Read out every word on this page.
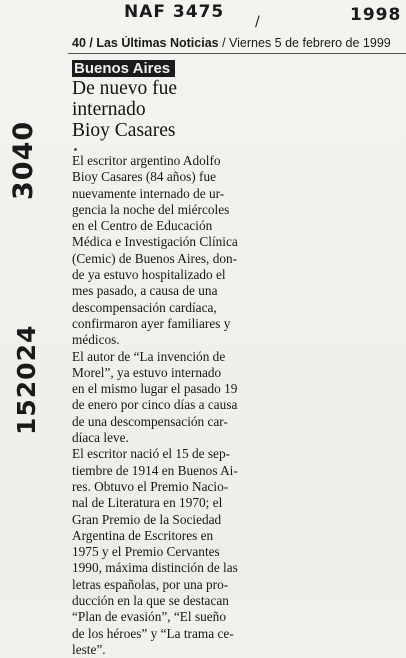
NAF 3475	1998
/
3040
152024
40 / Las Últimas Noticias / Viernes 5 de febrero de 1999
Buenos Aires
De nuevo fue
internado
Bioy Casares
El escritor argentino Adolfo
Bioy Casares (84 años) fue
nuevamente internado de ur-
gencia la noche del miércoles
en el Centro de Educación
Médica e Investigación Clínica
(Cemic) de Buenos Aires, don-
de ya estuvo hospitalizado el
mes pasado, a causa de una
descompensación cardíaca,
confirmaron ayer familiares y
médicos.
El autor de “La invención de
Morel”, ya estuvo internado
en el mismo lugar el pasado 19
de enero por cinco días a causa
de una descompensación car-
díaca leve.
El escritor nació el 15 de sep-
tiembre de 1914 en Buenos Ai-
res. Obtuvo el Premio Nacio-
nal de Literatura en 1970; el
Gran Premio de la Sociedad
Argentina de Escritores en
1975 y el Premio Cervantes
1990, máxima distinción de las
letras españolas, por una pro-
ducción en la que se destacan
“Plan de evasión”, “El sueño
de los héroes” y “La trama ce-
leste”.
